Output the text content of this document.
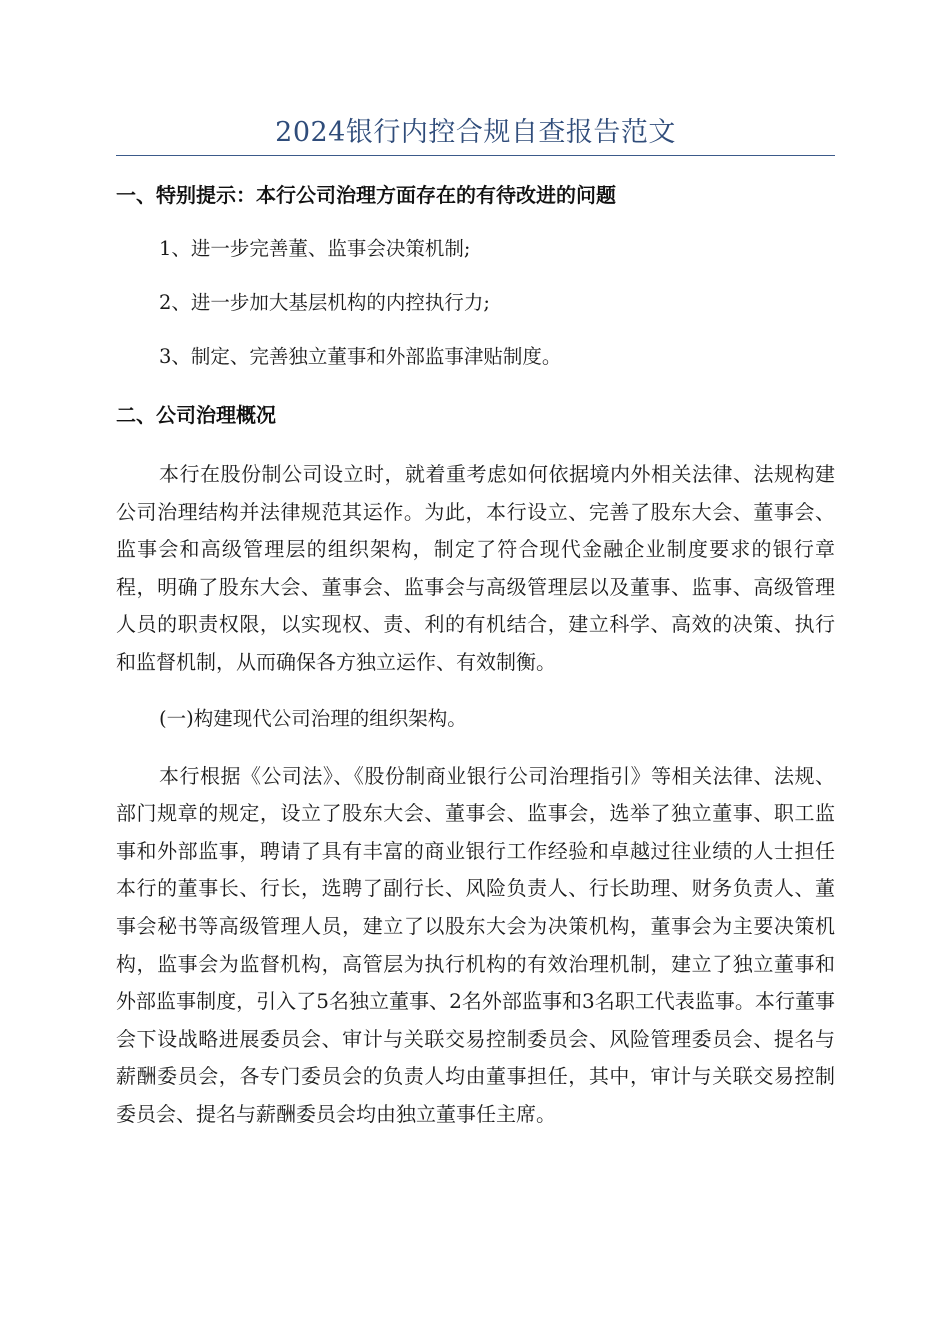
2024银行内控合规自查报告范文

一、特别提示：本行公司治理方面存在的有待改进的问题

1、进一步完善董、监事会决策机制;

2、进一步加大基层机构的内控执行力;

3、制定、完善独立董事和外部监事津贴制度。

二、公司治理概况

本行在股份制公司设立时，就着重考虑如何依据境内外相关法律、法规构建公司治理结构并法律规范其运作。为此，本行设立、完善了股东大会、董事会、监事会和高级管理层的组织架构，制定了符合现代金融企业制度要求的银行章程，明确了股东大会、董事会、监事会与高级管理层以及董事、监事、高级管理人员的职责权限，以实现权、责、利的有机结合，建立科学、高效的决策、执行和监督机制，从而确保各方独立运作、有效制衡。

(一)构建现代公司治理的组织架构。

本行根据《公司法》、《股份制商业银行公司治理指引》等相关法律、法规、部门规章的规定，设立了股东大会、董事会、监事会，选举了独立董事、职工监事和外部监事，聘请了具有丰富的商业银行工作经验和卓越过往业绩的人士担任本行的董事长、行长，选聘了副行长、风险负责人、行长助理、财务负责人、董事会秘书等高级管理人员，建立了以股东大会为决策机构，董事会为主要决策机构，监事会为监督机构，高管层为执行机构的有效治理机制，建立了独立董事和外部监事制度，引入了5名独立董事、2名外部监事和3名职工代表监事。本行董事会下设战略进展委员会、审计与关联交易控制委员会、风险管理委员会、提名与薪酬委员会，各专门委员会的负责人均由董事担任，其中，审计与关联交易控制委员会、提名与薪酬委员会均由独立董事任主席。
